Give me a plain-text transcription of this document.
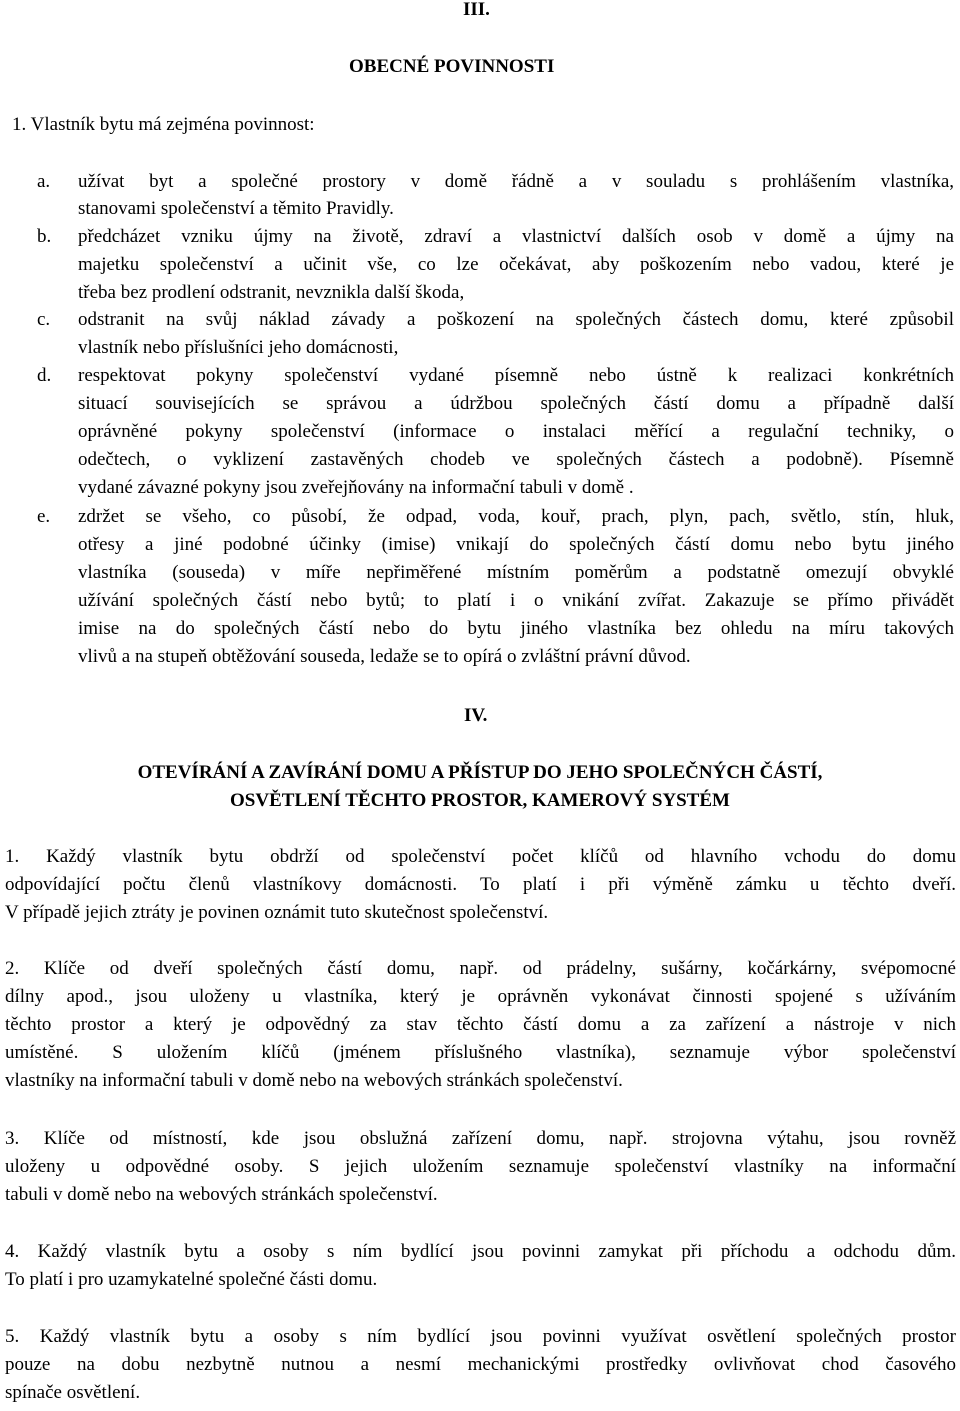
III.
OBECNÉ POVINNOSTI
1. Vlastník bytu má zejména povinnost:
a. užívat byt a společné prostory v domě řádně a v souladu s prohlášením vlastníka,
stanovami společenství a těmito Pravidly.
b. předcházet vzniku újmy na životě, zdraví a vlastnictví dalších osob v domě a újmy na
majetku společenství a učinit vše, co lze očekávat, aby poškozením nebo vadou, které je
třeba bez prodlení odstranit, nevznikla další škoda,
c. odstranit na svůj náklad závady a poškození na společných částech domu, které způsobil
vlastník nebo příslušníci jeho domácnosti,
d. respektovat pokyny společenství vydané písemně nebo ústně k realizaci konkrétních
situací souvisejících se správou a údržbou společných částí domu a případně další
oprávněné pokyny společenství (informace o instalaci měřící a regulační techniky, o
odečtech, o vyklizení zastavěných chodeb ve společných částech a podobně). Písemně
vydané závazné pokyny jsou zveřejňovány na informační tabuli v domě .
e. zdržet se všeho, co působí, že odpad, voda, kouř, prach, plyn, pach, světlo, stín, hluk,
otřesy a jiné podobné účinky (imise) vnikají do společných částí domu nebo bytu jiného
vlastníka (souseda) v míře nepřiměřené místním poměrům a podstatně omezují obvyklé
užívání společných částí nebo bytů; to platí i o vnikání zvířat. Zakazuje se přímo přivádět
imise na do společných částí nebo do bytu jiného vlastníka bez ohledu na míru takových
vlivů a na stupeň obtěžování souseda, ledaže se to opírá o zvláštní právní důvod.
IV.
OTEVÍRÁNÍ A ZAVÍRÁNÍ DOMU A PŘÍSTUP DO JEHO SPOLEČNÝCH ČÁSTÍ,
OSVĚTLENÍ TĚCHTO PROSTOR, KAMEROVÝ SYSTÉM
1. Každý vlastník bytu obdrží od společenství počet klíčů od hlavního vchodu do domu
odpovídající počtu členů vlastníkovy domácnosti. To platí i při výměně zámku u těchto dveří.
V případě jejich ztráty je povinen oznámit tuto skutečnost společenství.
2. Klíče od dveří společných částí domu, např. od prádelny, sušárny, kočárkárny, svépomocné
dílny apod., jsou uloženy u vlastníka, který je oprávněn vykonávat činnosti spojené s užíváním
těchto prostor a který je odpovědný za stav těchto částí domu a za zařízení a nástroje v nich
umístěné. S uložením klíčů (jménem příslušného vlastníka), seznamuje výbor společenství
vlastníky na informační tabuli v domě nebo na webových stránkách společenství.
3. Klíče od místností, kde jsou obslužná zařízení domu, např. strojovna výtahu, jsou rovněž
uloženy u odpovědné osoby. S jejich uložením seznamuje společenství vlastníky na informační
tabuli v domě nebo na webových stránkách společenství.
4. Každý vlastník bytu a osoby s ním bydlící jsou povinni zamykat při příchodu a odchodu dům.
To platí i pro uzamykatelné společné části domu.
5. Každý vlastník bytu a osoby s ním bydlící jsou povinni využívat osvětlení společných prostor
pouze na dobu nezbytně nutnou a nesmí mechanickými prostředky ovlivňovat chod časového
spínače osvětlení.
